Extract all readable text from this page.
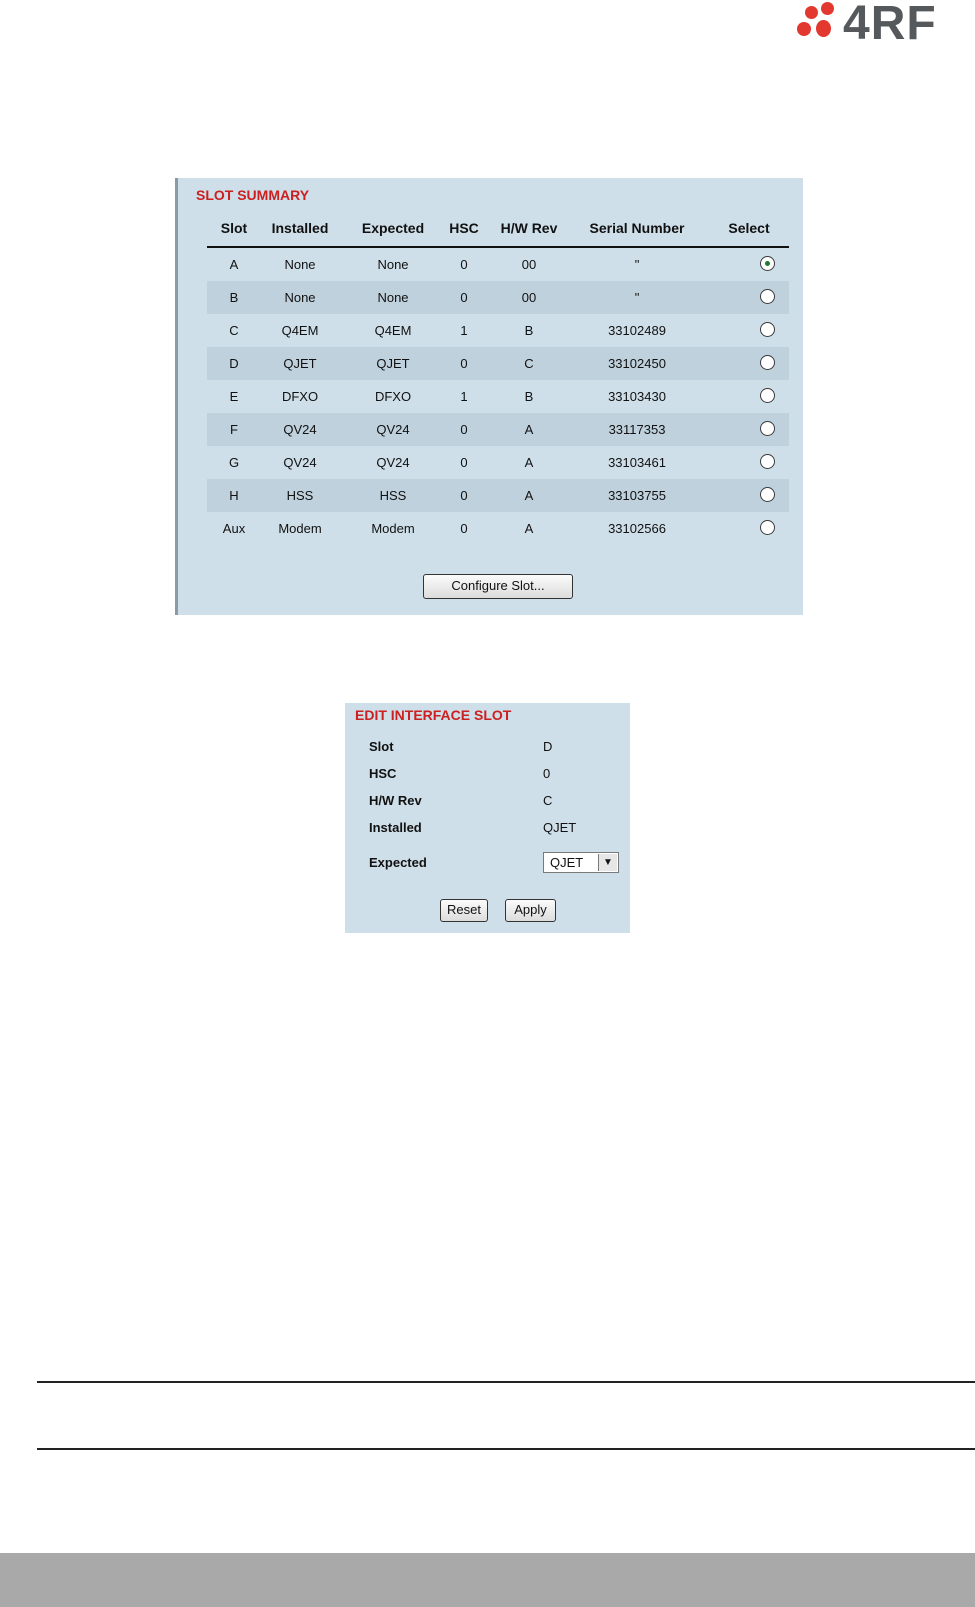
4RF
SLOT SUMMARY
Slot	Installed	Expected	HSC	H/W Rev	Serial Number	Select
A	None	None	0	00	"
B	None	None	0	00	"
C	Q4EM	Q4EM	1	B	33102489
D	QJET	QJET	0	C	33102450
E	DFXO	DFXO	1	B	33103430
F	QV24	QV24	0	A	33117353
G	QV24	QV24	0	A	33103461
H	HSS	HSS	0	A	33103755
Aux	Modem	Modem	0	A	33102566
Configure Slot...
EDIT INTERFACE SLOT
Slot	D
HSC	0
H/W Rev	C
Installed	QJET
Expected	QJET	▼
Reset	Apply
